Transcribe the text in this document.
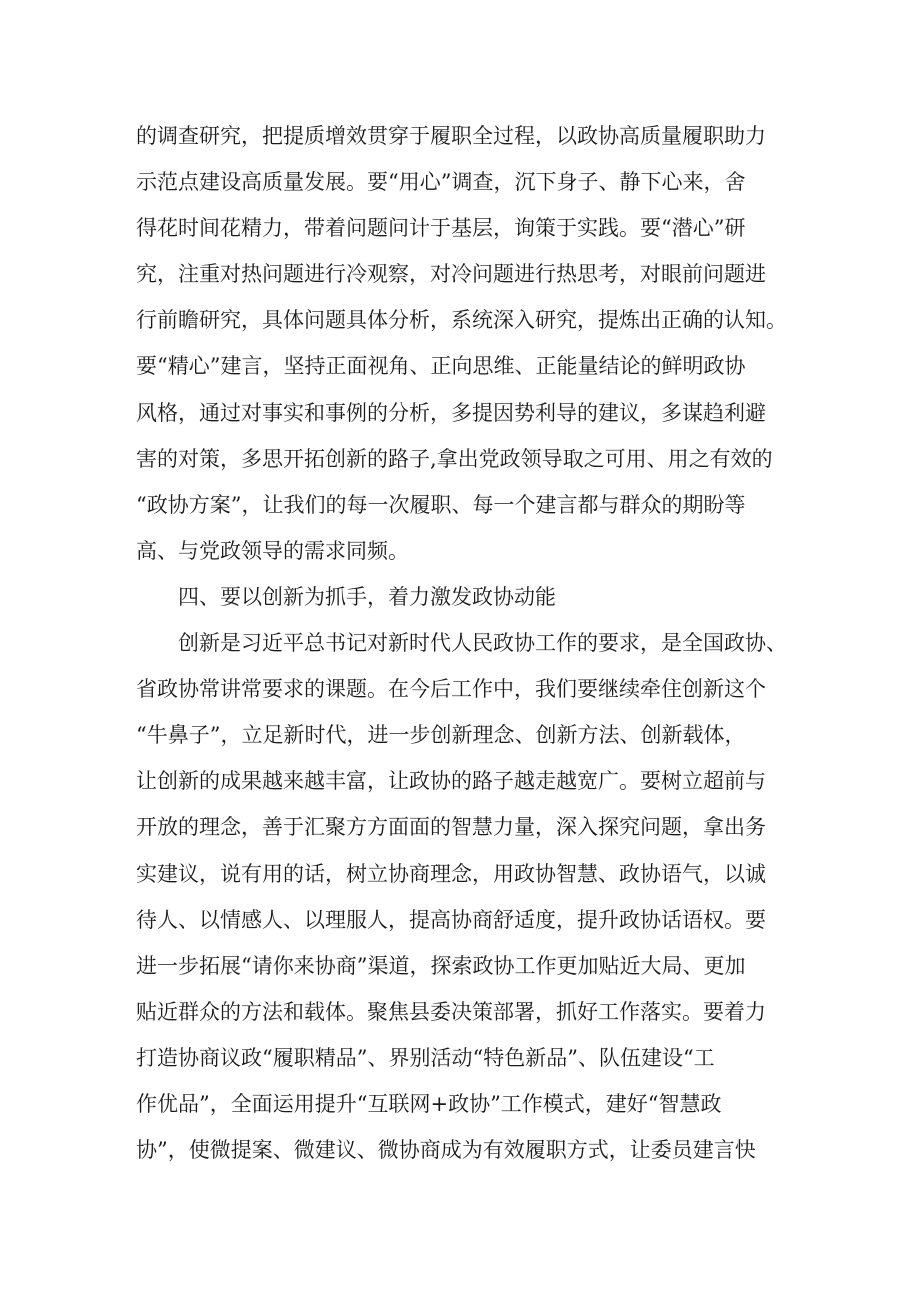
的调查研究，把提质增效贯穿于履职全过程，以政协高质量履职助力
示范点建设高质量发展。要“用心”调查，沉下身子、静下心来，舍
得花时间花精力，带着问题问计于基层，询策于实践。要“潜心”研
究，注重对热问题进行冷观察，对冷问题进行热思考，对眼前问题进
行前瞻研究，具体问题具体分析，系统深入研究，提炼出正确的认知。
要“精心”建言，坚持正面视角、正向思维、正能量结论的鲜明政协
风格，通过对事实和事例的分析，多提因势利导的建议，多谋趋利避
害的对策，多思开拓创新的路子,拿出党政领导取之可用、用之有效的
“政协方案”，让我们的每一次履职、每一个建言都与群众的期盼等
高、与党政领导的需求同频。
四、要以创新为抓手，着力激发政协动能
创新是习近平总书记对新时代人民政协工作的要求，是全国政协、
省政协常讲常要求的课题。在今后工作中，我们要继续牵住创新这个
“牛鼻子”，立足新时代，进一步创新理念、创新方法、创新载体，
让创新的成果越来越丰富，让政协的路子越走越宽广。要树立超前与
开放的理念，善于汇聚方方面面的智慧力量，深入探究问题，拿出务
实建议，说有用的话，树立协商理念，用政协智慧、政协语气，以诚
待人、以情感人、以理服人，提高协商舒适度，提升政协话语权。要
进一步拓展“请你来协商”渠道，探索政协工作更加贴近大局、更加
贴近群众的方法和载体。聚焦县委决策部署，抓好工作落实。要着力
打造协商议政“履职精品”、界别活动“特色新品”、队伍建设“工
作优品”，全面运用提升“互联网+政协”工作模式，建好“智慧政
协”，使微提案、微建议、微协商成为有效履职方式，让委员建言快
